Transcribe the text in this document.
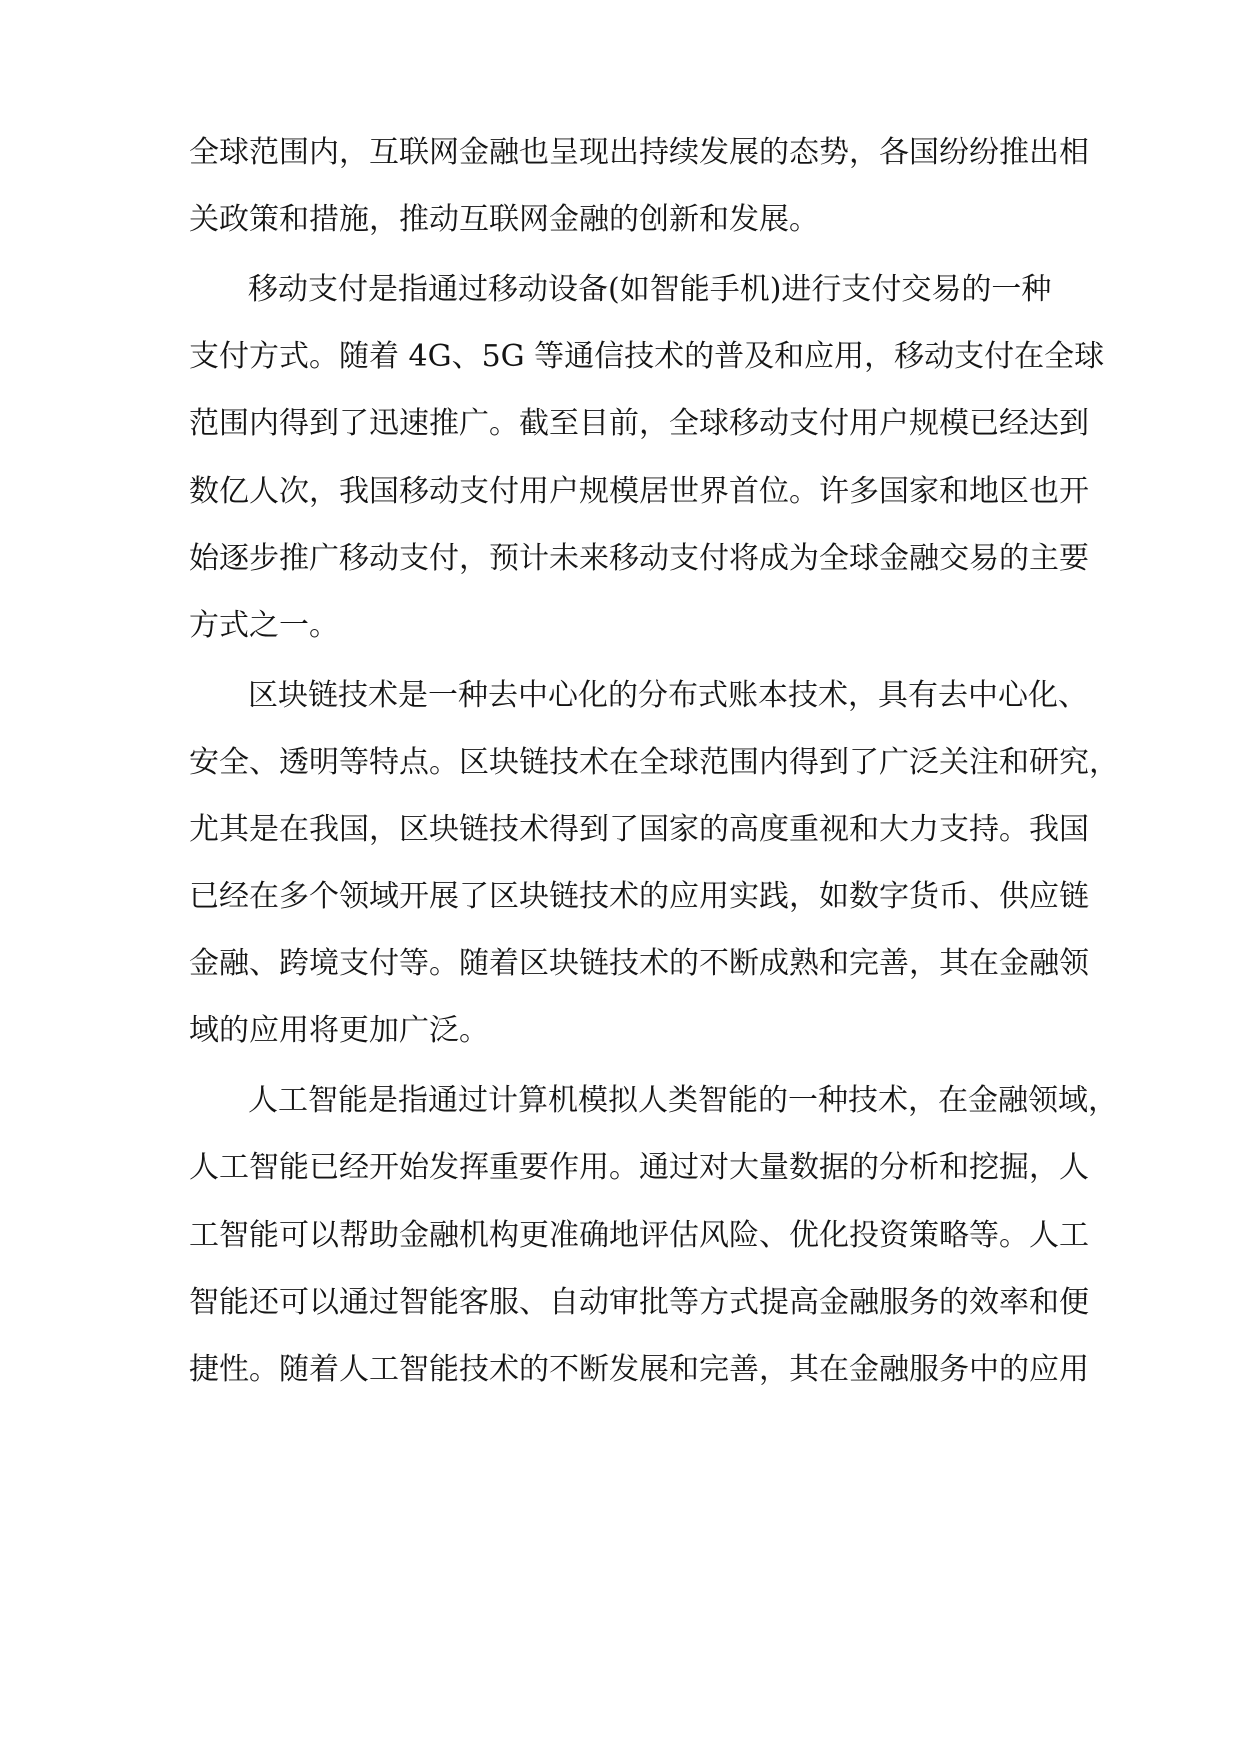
全球范围内，互联网金融也呈现出持续发展的态势，各国纷纷推出相
关政策和措施，推动互联网金融的创新和发展。
移动支付是指通过移动设备(如智能手机)进行支付交易的一种
支付方式。随着 4G、5G 等通信技术的普及和应用，移动支付在全球
范围内得到了迅速推广。截至目前，全球移动支付用户规模已经达到
数亿人次，我国移动支付用户规模居世界首位。许多国家和地区也开
始逐步推广移动支付，预计未来移动支付将成为全球金融交易的主要
方式之一。
区块链技术是一种去中心化的分布式账本技术，具有去中心化、
安全、透明等特点。区块链技术在全球范围内得到了广泛关注和研究，
尤其是在我国，区块链技术得到了国家的高度重视和大力支持。我国
已经在多个领域开展了区块链技术的应用实践，如数字货币、供应链
金融、跨境支付等。随着区块链技术的不断成熟和完善，其在金融领
域的应用将更加广泛。
人工智能是指通过计算机模拟人类智能的一种技术，在金融领域，
人工智能已经开始发挥重要作用。通过对大量数据的分析和挖掘，人
工智能可以帮助金融机构更准确地评估风险、优化投资策略等。人工
智能还可以通过智能客服、自动审批等方式提高金融服务的效率和便
捷性。随着人工智能技术的不断发展和完善，其在金融服务中的应用
